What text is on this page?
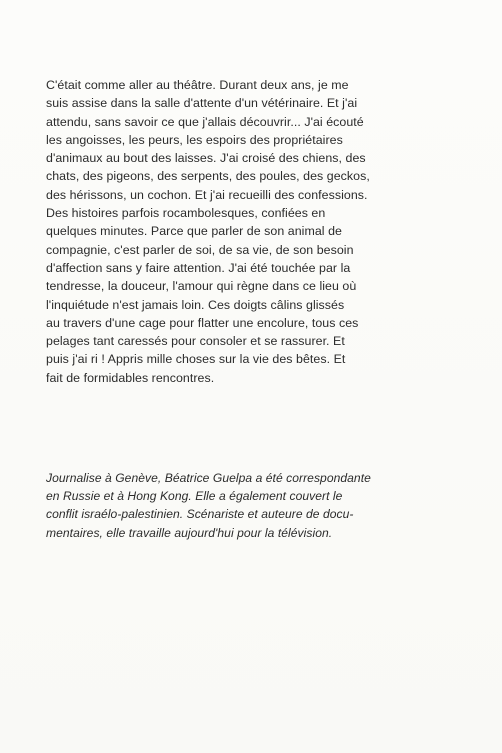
C'était comme aller au théâtre. Durant deux ans, je me
suis assise dans la salle d'attente d'un vétérinaire. Et j'ai
attendu, sans savoir ce que j'allais découvrir... J'ai écouté
les angoisses, les peurs, les espoirs des propriétaires
d'animaux au bout des laisses. J'ai croisé des chiens, des
chats, des pigeons, des serpents, des poules, des geckos,
des hérissons, un cochon. Et j'ai recueilli des confessions.
Des histoires parfois rocambolesques, confiées en
quelques minutes. Parce que parler de son animal de
compagnie, c'est parler de soi, de sa vie, de son besoin
d'affection sans y faire attention. J'ai été touchée par la
tendresse, la douceur, l'amour qui règne dans ce lieu où
l'inquiétude n'est jamais loin. Ces doigts câlins glissés
au travers d'une cage pour flatter une encolure, tous ces
pelages tant caressés pour consoler et se rassurer. Et
puis j'ai ri ! Appris mille choses sur la vie des bêtes. Et
fait de formidables rencontres.
Journalise à Genève, Béatrice Guelpa a été correspondante
en Russie et à Hong Kong. Elle a également couvert le
conflit israélo-palestinien. Scénariste et auteure de docu-
mentaires, elle travaille aujourd'hui pour la télévision.
